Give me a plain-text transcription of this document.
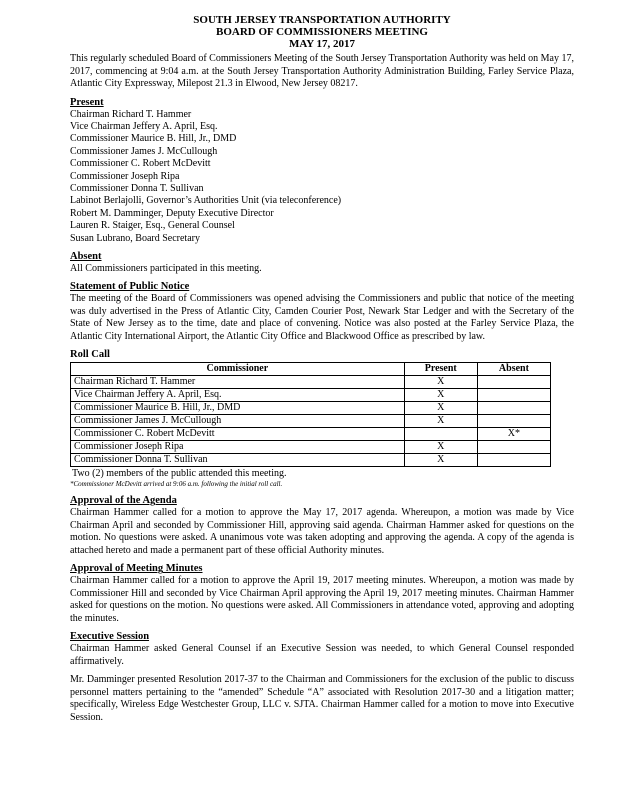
SOUTH JERSEY TRANSPORTATION AUTHORITY
BOARD OF COMMISSIONERS MEETING
MAY 17, 2017

This regularly scheduled Board of Commissioners Meeting of the South Jersey Transportation Authority was held on May 17, 2017, commencing at 9:04 a.m. at the South Jersey Transportation Authority Administration Building, Farley Service Plaza, Atlantic City Expressway, Milepost 21.3 in Elwood, New Jersey 08217.

Present
Chairman Richard T. Hammer
Vice Chairman Jeffery A. April, Esq.
Commissioner Maurice B. Hill, Jr., DMD
Commissioner James J. McCullough
Commissioner C. Robert McDevitt
Commissioner Joseph Ripa
Commissioner Donna T. Sullivan
Labinot Berlajolli, Governor’s Authorities Unit (via teleconference)
Robert M. Damminger, Deputy Executive Director
Lauren R. Staiger, Esq., General Counsel
Susan Lubrano, Board Secretary
Absent

All Commissioners participated in this meeting.

Statement of Public Notice

The meeting of the Board of Commissioners was opened advising the Commissioners and public that notice of the meeting was duly advertised in the Press of Atlantic City, Camden Courier Post, Newark Star Ledger and with the Secretary of the State of New Jersey as to the time, date and place of convening. Notice was also posted at the Farley Service Plaza, the Atlantic City International Airport, the Atlantic City Office and Blackwood Office as prescribed by law.

Roll Call
Commissioner	Present	Absent
Chairman Richard T. Hammer	X	
Vice Chairman Jeffery A. April, Esq.	X	
Commissioner Maurice B. Hill, Jr., DMD	X	
Commissioner James J. McCullough	X	
Commissioner C. Robert McDevitt		X*
Commissioner Joseph Ripa	X	
Commissioner Donna T. Sullivan	X	
Two (2) members of the public attended this meeting.
*Commissioner McDevitt arrived at 9:06 a.m. following the initial roll call.
Approval of the Agenda

Chairman Hammer called for a motion to approve the May 17, 2017 agenda. Whereupon, a motion was made by Vice Chairman April and seconded by Commissioner Hill, approving said agenda. Chairman Hammer asked for questions on the motion. No questions were asked. A unanimous vote was taken adopting and approving the agenda. A copy of the agenda is attached hereto and made a permanent part of these official Authority minutes.

Approval of Meeting Minutes

Chairman Hammer called for a motion to approve the April 19, 2017 meeting minutes. Whereupon, a motion was made by Commissioner Hill and seconded by Vice Chairman April approving the April 19, 2017 meeting minutes. Chairman Hammer asked for questions on the motion. No questions were asked. All Commissioners in attendance voted, approving and adopting the minutes.

Executive Session

Chairman Hammer asked General Counsel if an Executive Session was needed, to which General Counsel responded affirmatively.

Mr. Damminger presented Resolution 2017-37 to the Chairman and Commissioners for the exclusion of the public to discuss personnel matters pertaining to the “amended” Schedule “A” associated with Resolution 2017-30 and a litigation matter; specifically, Wireless Edge Westchester Group, LLC v. SJTA. Chairman Hammer called for a motion to move into Executive Session.
